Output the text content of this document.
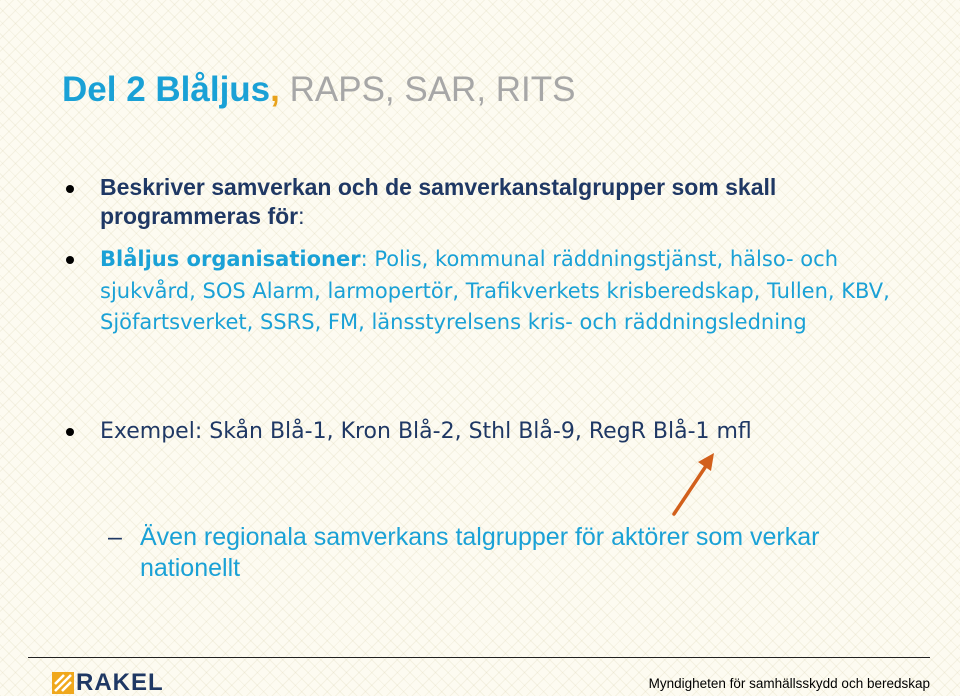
Del 2 Blåljus, RAPS, SAR, RITS

Beskriver samverkan och de samverkanstalgrupper som skall programmeras för:

Blåljus organisationer: Polis, kommunal räddningstjänst, hälso- och sjukvård, SOS Alarm, larmopertör, Trafikverkets krisberedskap, Tullen, KBV, Sjöfartsverket, SSRS, FM, länsstyrelsens kris- och räddningsledning

Exempel: Skån Blå-1, Kron Blå-2, Sthl Blå-9, RegR Blå-1 mfl

– Även regionala samverkans talgrupper för aktörer som verkar nationellt

RAKEL	Myndigheten för samhällsskydd och beredskap
